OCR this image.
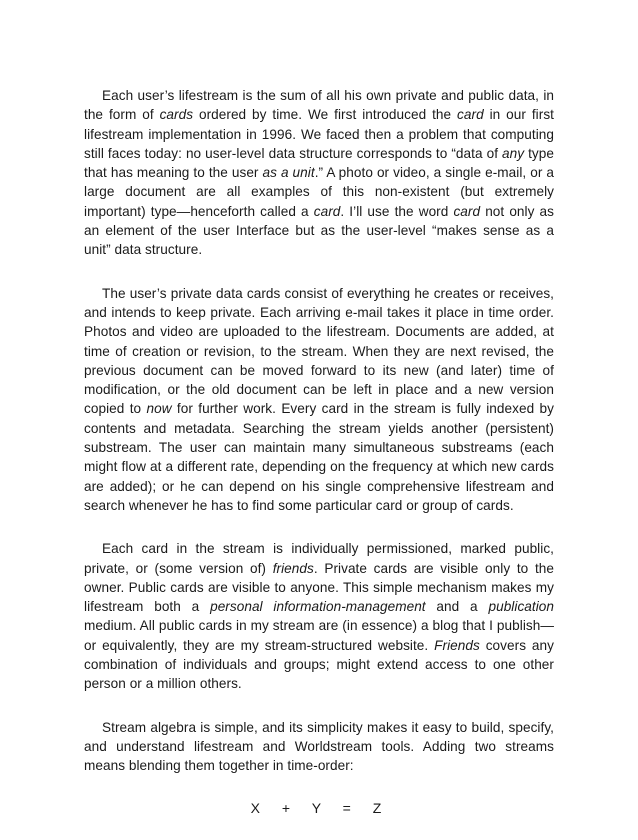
Each user’s lifestream is the sum of all his own private and public data, in the form of cards ordered by time. We first introduced the card in our first lifestream implementation in 1996. We faced then a problem that computing still faces today: no user-level data structure corresponds to “data of any type that has meaning to the user as a unit.” A photo or video, a single e-mail, or a large document are all examples of this non-existent (but extremely important) type—henceforth called a card. I’ll use the word card not only as an element of the user Interface but as the user-level “makes sense as a unit” data structure.

The user’s private data cards consist of everything he creates or receives, and intends to keep private. Each arriving e-mail takes it place in time order. Photos and video are uploaded to the lifestream. Documents are added, at time of creation or revision, to the stream. When they are next revised, the previous document can be moved forward to its new (and later) time of modification, or the old document can be left in place and a new version copied to now for further work. Every card in the stream is fully indexed by contents and metadata. Searching the stream yields another (persistent) substream. The user can maintain many simultaneous substreams (each might flow at a different rate, depending on the frequency at which new cards are added); or he can depend on his single comprehensive lifestream and search whenever he has to find some particular card or group of cards.

Each card in the stream is individually permissioned, marked public, private, or (some version of) friends. Private cards are visible only to the owner. Public cards are visible to anyone. This simple mechanism makes my lifestream both a personal information-management and a publication medium. All public cards in my stream are (in essence) a blog that I publish—or equivalently, they are my stream-structured website. Friends covers any combination of individuals and groups; might extend access to one other person or a million others.

Stream algebra is simple, and its simplicity makes it easy to build, specify, and understand lifestream and Worldstream tools. Adding two streams means blending them together in time-order:

X + Y = Z
